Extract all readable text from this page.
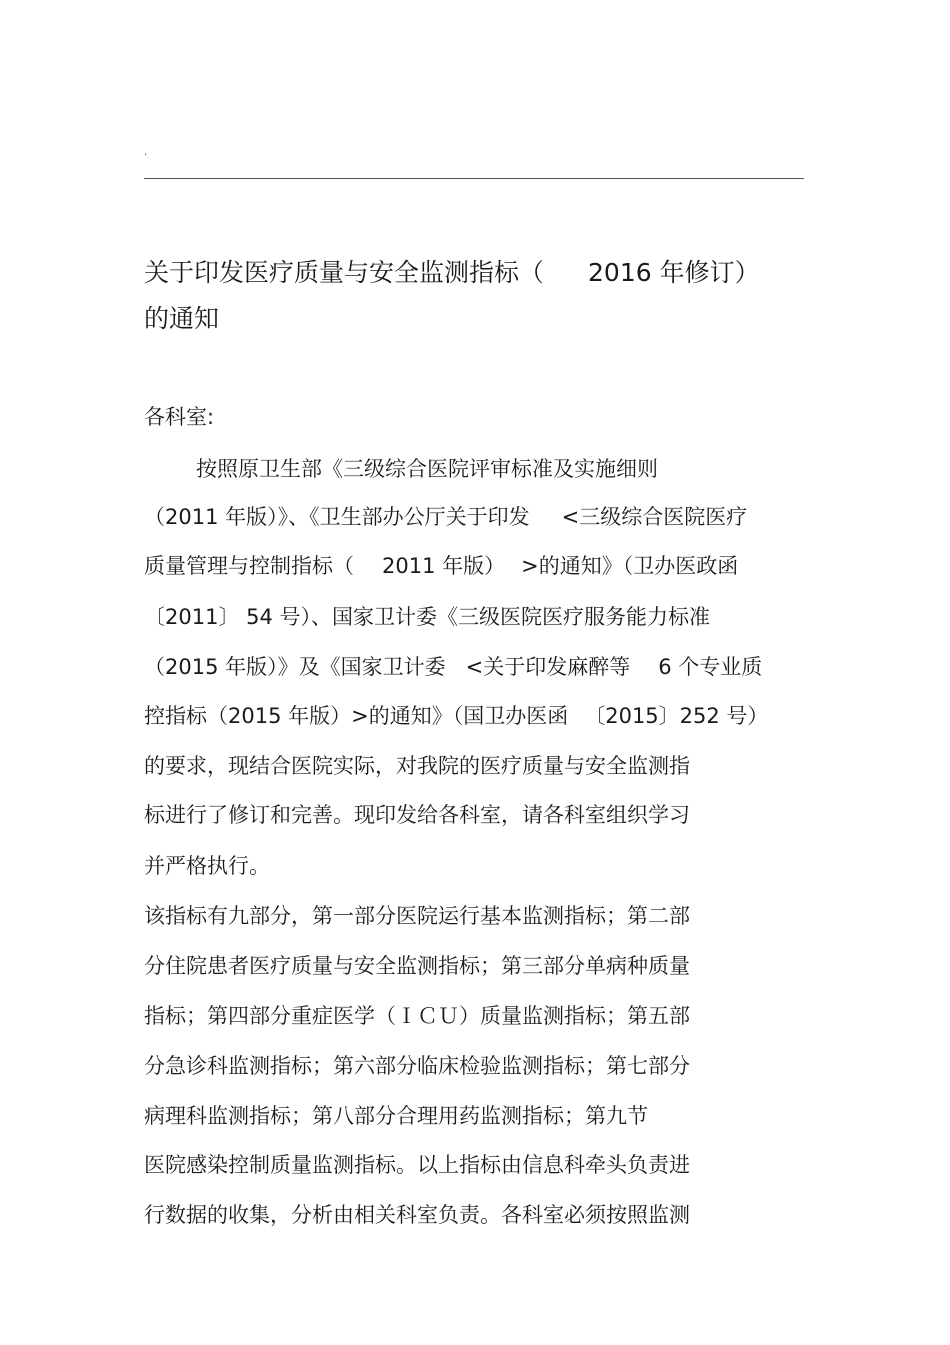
.
关于印发医疗质量与安全监测指标（ 2016 年修订）
的通知
各科室:
按照原卫生部《三级综合医院评审标准及实施细则
（2011 年版）》、《卫生部办公厅关于印发 <三级综合医院医疗
质量管理与控制指标（ 2011 年版） >的通知》（卫办医政函
〔2011〕 54 号）、国家卫计委《三级医院医疗服务能力标准
（2015 年版）》及《国家卫计委 <关于印发麻醉等 6 个专业质
控指标（2015 年版）>的通知》（国卫办医函 〔2015〕252 号）
的要求，现结合医院实际，对我院的医疗质量与安全监测指
标进行了修订和完善。现印发给各科室，请各科室组织学习
并严格执行。
该指标有九部分，第一部分医院运行基本监测指标；第二部
分住院患者医疗质量与安全监测指标；第三部分单病种质量
指标；第四部分重症医学（ＩＣＵ）质量监测指标；第五部
分急诊科监测指标；第六部分临床检验监测指标；第七部分
病理科监测指标；第八部分合理用药监测指标；第九节
医院感染控制质量监测指标。以上指标由信息科牵头负责进
行数据的收集，分析由相关科室负责。各科室必须按照监测
